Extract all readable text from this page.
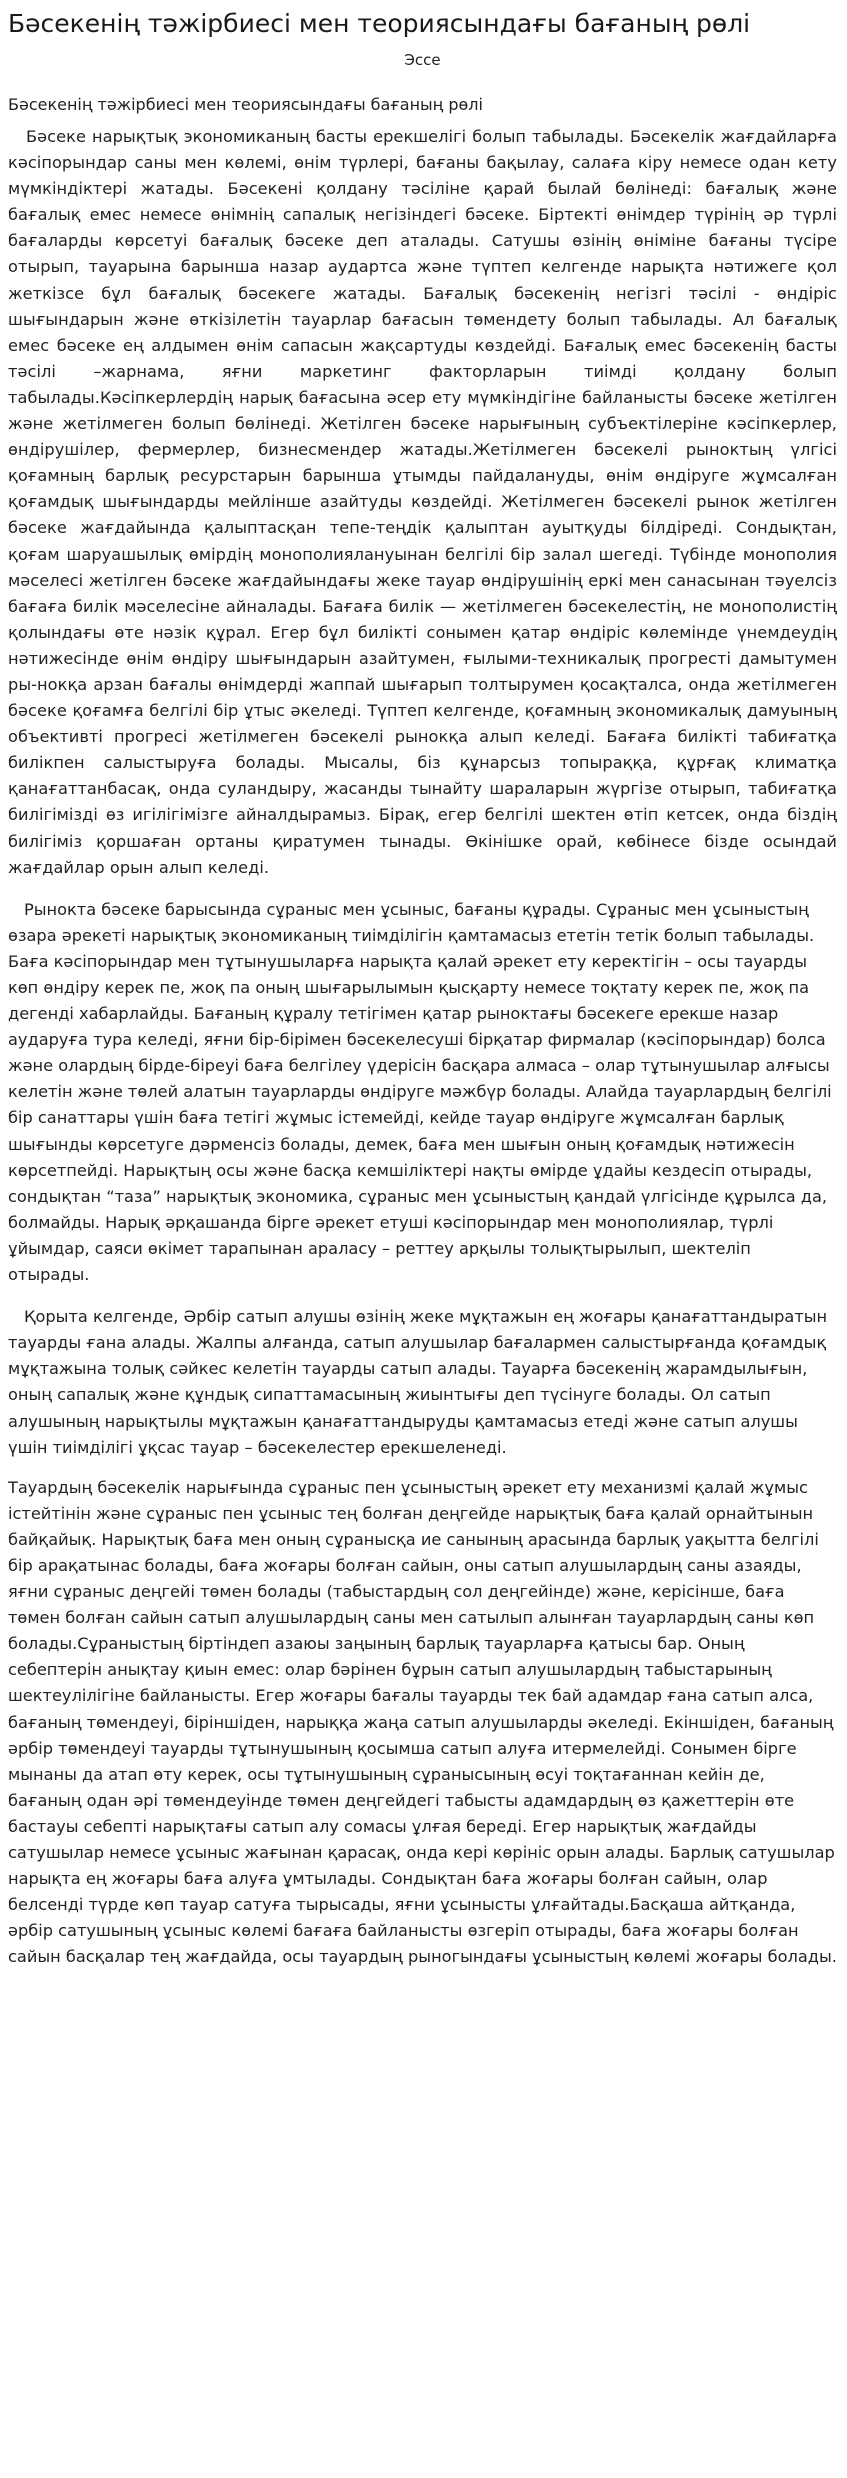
Бәсекенің тәжірбиесі мен теориясындағы бағаның рөлі
Эссе
Бәсекенің тәжірбиесі мен теориясындағы бағаның рөлі

Бәсеке нарықтық экономиканың басты ерекшелігі болып табылады. Бәсекелік жағдайларға кәсіпорындар саны мен көлемі, өнім түрлері, бағаны бақылау, салаға кіру немесе одан кету мүмкіндіктері жатады. Бәсекені қолдану тәсіліне қарай былай бөлінеді: бағалық және бағалық емес немесе өнімнің сапалық негізіндегі бәсеке. Біртекті өнімдер түрінің әр түрлі бағаларды көрсетуі бағалық бәсеке деп аталады. Сатушы өзінің өніміне бағаны түсіре отырып, тауарына барынша назар аудартса және түптеп келгенде нарықта нәтижеге қол жеткізсе бұл бағалық бәсекеге жатады. Бағалық бәсекенің негізгі тәсілі - өндіріс шығындарын және өткізілетін тауарлар бағасын төмендету болып табылады. Ал бағалық емес бәсеке ең алдымен өнім сапасын жақсартуды көздейді. Бағалық емес бәсекенің басты тәсілі –жарнама, яғни маркетинг факторларын тиімді қолдану болып табылады.Кәсіпкерлердің нарық бағасына әсер ету мүмкіндігіне байланысты бәсеке жетілген және жетілмеген болып бөлінеді. Жетілген бәсеке нарығының субъектілеріне кәсіпкерлер, өндірушілер, фермерлер, бизнесмендер жатады.Жетілмеген бәсекелі рыноктың үлгісі қоғамның барлық ресурстарын барынша ұтымды пайдалануды, өнім өндіруге жұмсалған қоғамдық шығындарды мейлінше азайтуды көздейді. Жетілмеген бәсекелі рынок жетілген бәсеке жағдайында қалыптасқан тепе-теңдік қалыптан ауытқуды білдіреді. Сондықтан, қоғам шаруашылық өмірдің монополиялануынан белгілі бір залал шегеді. Түбінде монополия мәселесі жетілген бәсеке жағдайындағы жеке тауар өндірушінің еркі мен санасынан тәуелсіз бағаға билік мәселесіне айналады. Бағаға билік — жетілмеген бәсекелестің, не монополистің қолындағы өте нәзік құрал. Егер бұл билікті сонымен қатар өндіріс көлемінде үнемдеудің нәтижесінде өнім өндіру шығындарын азайтумен, ғылыми-техникалық прогресті дамытумен ры-нокқа арзан бағалы өнімдерді жаппай шығарып толтырумен қосақталса, онда жетілмеген бәсеке қоғамға белгілі бір ұтыс әкеледі. Түптеп келгенде, қоғамның экономикалық дамуының объективті прогресі жетілмеген бәсекелі рынокқа алып келеді. Бағаға билікті табиғатқа билікпен салыстыруға болады. Мысалы, біз құнарсыз топыраққа, құрғақ климатқа қанағаттанбасақ, онда суландыру, жасанды тынайту шараларын жүргізе отырып, табиғатқа билігімізді өз игілігімізге айналдырамыз. Бірақ, егер белгілі шектен өтіп кетсек, онда біздің билігіміз қоршаған ортаны қиратумен тынады. Өкінішке орай, көбінесе бізде осындай жағдайлар орын алып келеді.

Рынокта бәсеке барысында сұраныс мен ұсыныс, бағаны құрады. Сұраныс мен ұсыныстың өзара әрекеті нарықтық экономиканың тиімділігін қамтамасыз ететін тетік болып табылады. Баға кәсіпорындар мен тұтынушыларға нарықта қалай әрекет ету керектігін – осы тауарды көп өндіру керек пе, жоқ па оның шығарылымын қысқарту немесе тоқтату керек пе, жоқ па дегенді хабарлайды. Бағаның құралу тетігімен қатар рыноктағы бәсекеге ерекше назар аударуға тура келеді, яғни бір-бірімен бәсекелесуші бірқатар фирмалар (кәсіпорындар) болса және олардың бірде-біреуі баға белгілеу үдерісін басқара алмаса – олар тұтынушылар алғысы келетін және төлей алатын тауарларды өндіруге мәжбүр болады. Алайда тауарлардың белгілі бір санаттары үшін баға тетігі жұмыс істемейді, кейде тауар өндіруге жұмсалған барлық шығынды көрсетуге дәрменсіз болады, демек, баға мен шығын оның қоғамдық нәтижесін көрсетпейді. Нарықтың осы және басқа кемшіліктері нақты өмірде ұдайы кездесіп отырады, сондықтан “таза” нарықтық экономика, сұраныс мен ұсыныстың қандай үлгісінде құрылса да, болмайды. Нарық әрқашанда бірге әрекет етуші кәсіпорындар мен монополиялар, түрлі ұйымдар, саяси өкімет тарапынан араласу – реттеу арқылы толықтырылып, шектеліп отырады.

Қорыта келгенде, Әрбір сатып алушы өзінің жеке мұқтажын ең жоғары қанағаттандыратын тауарды ғана алады. Жалпы алғанда, сатып алушылар бағалармен салыстырғанда қоғамдық мұқтажына толық сәйкес келетін тауарды сатып алады. Тауарға бәсекенің жарамдылығын, оның сапалық және құндық сипаттамасының жиынтығы деп түсінуге болады. Ол сатып алушының нарықтылы мұқтажын қанағаттандыруды қамтамасыз етеді және сатып алушы үшін тиімділігі ұқсас тауар – бәсекелестер ерекшеленеді.

Тауардың бәсекелік нарығында сұраныс пен ұсыныстың әрекет ету механизмі қалай жұмыс істейтінін және сұраныс пен ұсыныс тең болған деңгейде нарықтық баға қалай орнайтынын байқайық. Нарықтық баға мен оның сұранысқа ие санының арасында барлық уақытта белгілі бір арақатынас болады, баға жоғары болған сайын, оны сатып алушылардың саны азаяды, яғни сұраныс деңгейі төмен болады (табыстардың сол деңгейінде) және, керісінше, баға төмен болған сайын сатып алушылардың саны мен сатылып алынған тауарлардың саны көп болады.Сұраныстың біртіндеп азаюы заңының барлық тауарларға қатысы бар. Оның себептерін анықтау қиын емес: олар бәрінен бұрын сатып алушылардың табыстарының шектеулілігіне байланысты. Егер жоғары бағалы тауарды тек бай адамдар ғана сатып алса, бағаның төмендеуі, біріншіден, нарыққа жаңа сатып алушыларды әкеледі. Екіншіден, бағаның әрбір төмендеуі тауарды тұтынушының қосымша сатып алуға итермелейді. Сонымен бірге мынаны да атап өту керек, осы тұтынушының сұранысының өсуі тоқтағаннан кейін де, бағаның одан әрі төмендеуінде төмен деңгейдегі табысты адамдардың өз қажеттерін өте бастауы себепті нарықтағы сатып алу сомасы ұлғая береді. Егер нарықтық жағдайды сатушылар немесе ұсыныс жағынан қарасақ, онда кері көрініс орын алады. Барлық сатушылар нарықта ең жоғары баға алуға ұмтылады. Сондықтан баға жоғары болған сайын, олар белсенді түрде көп тауар сатуға тырысады, яғни ұсынысты ұлғайтады.Басқаша айтқанда, әрбір сатушының ұсыныс көлемі бағаға байланысты өзгеріп отырады, баға жоғары болған сайын басқалар тең жағдайда, осы тауардың рыногындағы ұсыныстың көлемі жоғары болады.
